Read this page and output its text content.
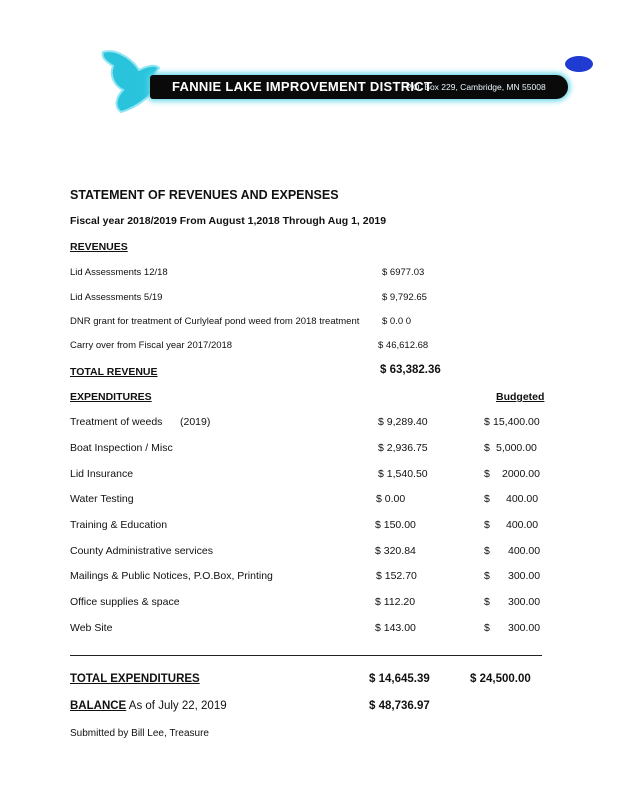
FANNIE LAKE IMPROVEMENT DISTRICT
P.O. Box 229, Cambridge, MN 55008
STATEMENT OF REVENUES AND EXPENSES
Fiscal year 2018/2019 From August 1,2018 Through Aug 1, 2019
REVENUES
Lid Assessments 12/18	$ 6977.03
Lid Assessments 5/19	$ 9,792.65
DNR grant for treatment of Curlyleaf pond weed from 2018 treatment $ 0.0 0
Carry over from Fiscal year 2017/2018	$ 46,612.68
TOTAL REVENUE	$ 63,382.36
EXPENDITURES	Budgeted
Treatment of weeds (2019)	$ 9,289.40	$ 15,400.00
Boat Inspection / Misc	$ 2,936.75	$ 5,000.00
Lid Insurance	$ 1,540.50	$ 2000.00
Water Testing	$ 0.00	$ 400.00
Training & Education	$ 150.00	$ 400.00
County Administrative services	$ 320.84	$ 400.00
Mailings & Public Notices, P.O.Box, Printing	$ 152.70	$ 300.00
Office supplies & space	$ 112.20	$ 300.00
Web Site	$ 143.00	$ 300.00
TOTAL EXPENDITURES	$ 14,645.39	$ 24,500.00
BALANCE As of July 22, 2019	$ 48,736.97
Submitted by Bill Lee, Treasure
